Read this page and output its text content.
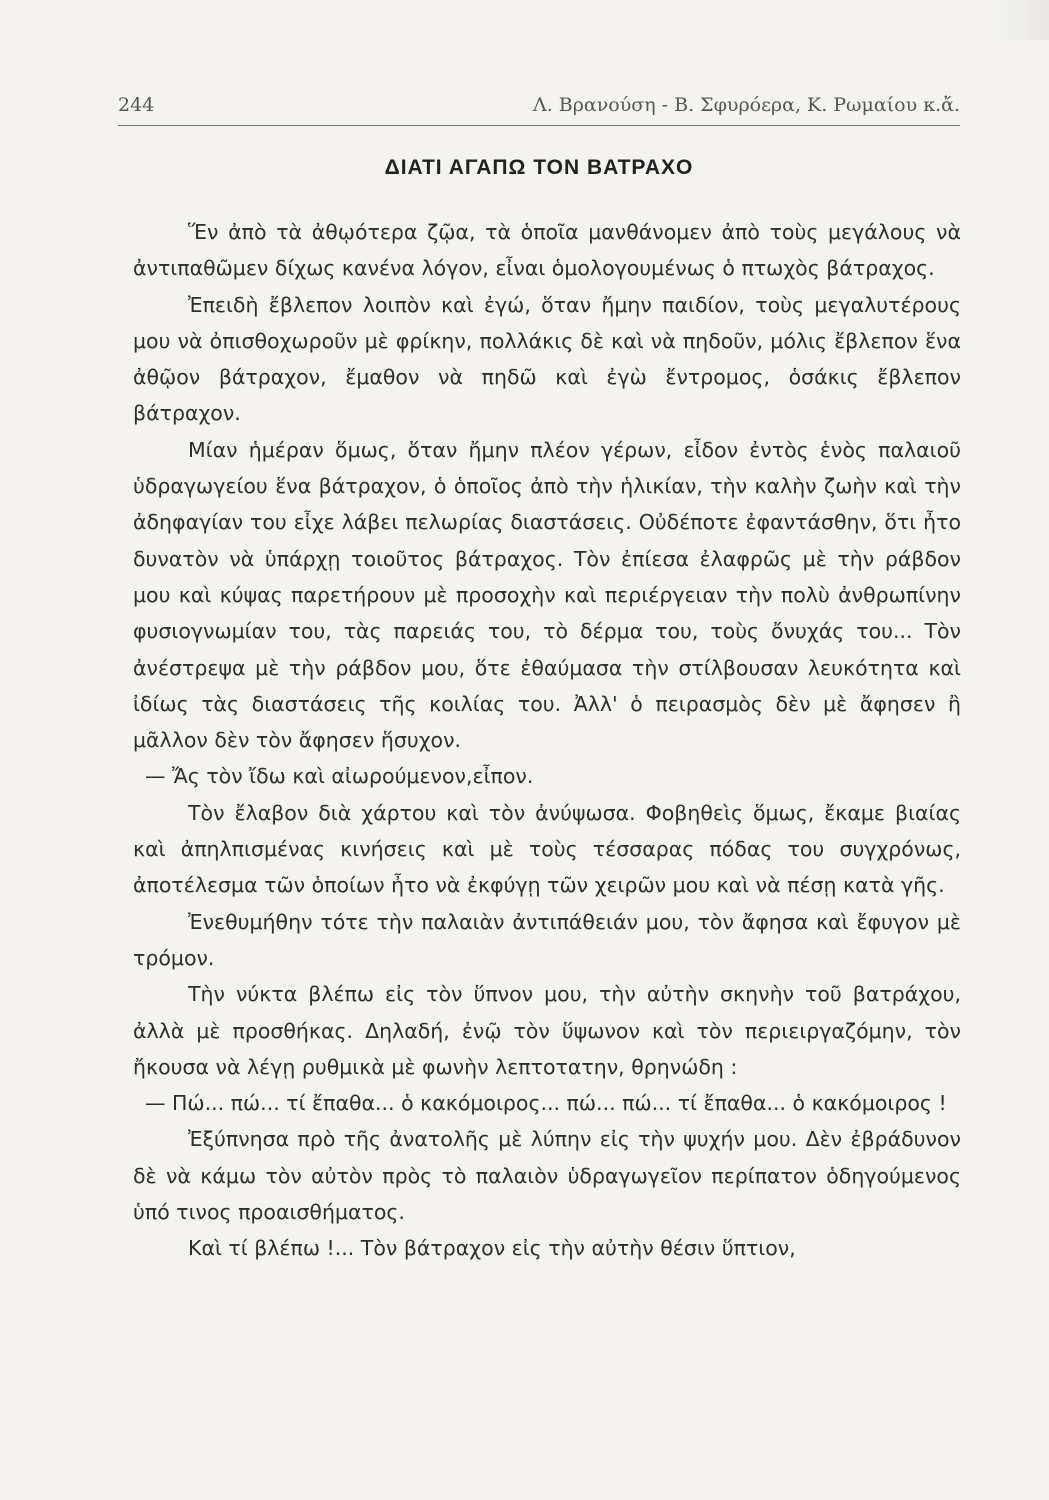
244	Λ. Βρανούση - Β. Σφυρόερα, Κ. Ρωμαίου κ.ἄ.
ΔΙΑΤΙ ΑΓΑΠΩ ΤΟΝ ΒΑΤΡΑΧΟ

Ἕν ἀπὸ τὰ ἀθῳότερα ζῷα, τὰ ὁποῖα μανθάνομεν ἀπὸ τοὺς μεγάλους νὰ ἀντιπαθῶμεν δίχως κανένα λόγον, εἶναι ὁμολογουμένως ὁ πτωχὸς βάτραχος.

Ἐπειδὴ ἔβλεπον λοιπὸν καὶ ἐγώ, ὅταν ἤμην παιδίον, τοὺς μεγαλυτέρους μου νὰ ὀπισθοχωροῦν μὲ φρίκην, πολλάκις δὲ καὶ νὰ πηδοῦν, μόλις ἔβλεπον ἕνα ἀθῷον βάτραχον, ἔμαθον νὰ πηδῶ καὶ ἐγὼ ἔντρομος, ὁσάκις ἔβλεπον βάτραχον.

Μίαν ἡμέραν ὅμως, ὅταν ἤμην πλέον γέρων, εἶδον ἐντὸς ἑνὸς παλαιοῦ ὑδραγωγείου ἕνα βάτραχον, ὁ ὁποῖος ἀπὸ τὴν ἡλικίαν, τὴν καλὴν ζωὴν καὶ τὴν ἀδηφαγίαν του εἶχε λάβει πελωρίας διαστάσεις. Οὐδέποτε ἐφαντάσθην, ὅτι ἦτο δυνατὸν νὰ ὑπάρχῃ τοιοῦτος βάτραχος. Τὸν ἐπίεσα ἐλαφρῶς μὲ τὴν ράβδον μου καὶ κύψας παρετήρουν μὲ προσοχὴν καὶ περιέργειαν τὴν πολὺ ἀνθρωπίνην φυσιογνωμίαν του, τὰς παρειάς του, τὸ δέρμα του, τοὺς ὄνυχάς του... Τὸν ἀνέστρεψα μὲ τὴν ράβδον μου, ὅτε ἐθαύμασα τὴν στίλβουσαν λευκότητα καὶ ἰδίως τὰς διαστάσεις τῆς κοιλίας του. Ἀλλ' ὁ πειρασμὸς δὲν μὲ ἄφησεν ἢ μᾶλλον δὲν τὸν ἄφησεν ἥσυχον.

— Ἄς τὸν ἴδω καὶ αἰωρούμενον,εἶπον.

Τὸν ἔλαβον διὰ χάρτου καὶ τὸν ἀνύψωσα. Φοβηθεὶς ὅμως, ἔκαμε βιαίας καὶ ἀπηλπισμένας κινήσεις καὶ μὲ τοὺς τέσσαρας πόδας του συγχρόνως, ἀποτέλεσμα τῶν ὁποίων ἦτο νὰ ἐκφύγῃ τῶν χειρῶν μου καὶ νὰ πέσῃ κατὰ γῆς.

Ἐνεθυμήθην τότε τὴν παλαιὰν ἀντιπάθειάν μου, τὸν ἄφησα καὶ ἔφυγον μὲ τρόμον.

Τὴν νύκτα βλέπω εἰς τὸν ὕπνον μου, τὴν αὐτὴν σκηνὴν τοῦ βατράχου, ἀλλὰ μὲ προσθήκας. Δηλαδή, ἐνῷ τὸν ὕψωνον καὶ τὸν περιειργαζόμην, τὸν ἤκουσα νὰ λέγῃ ρυθμικὰ μὲ φωνὴν λεπτοτατην, θρηνώδη :

— Πώ... πώ... τί ἔπαθα... ὁ κακόμοιρος... πώ... πώ... τί ἔπαθα... ὁ κακόμοιρος !

Ἐξύπνησα πρὸ τῆς ἀνατολῆς μὲ λύπην εἰς τὴν ψυχήν μου. Δὲν ἐβράδυνον δὲ νὰ κάμω τὸν αὐτὸν πρὸς τὸ παλαιὸν ὑδραγωγεῖον περίπατον ὁδηγούμενος ὑπό τινος προαισθήματος.

Καὶ τί βλέπω !... Τὸν βάτραχον εἰς τὴν αὐτὴν θέσιν ὕπτιον,
